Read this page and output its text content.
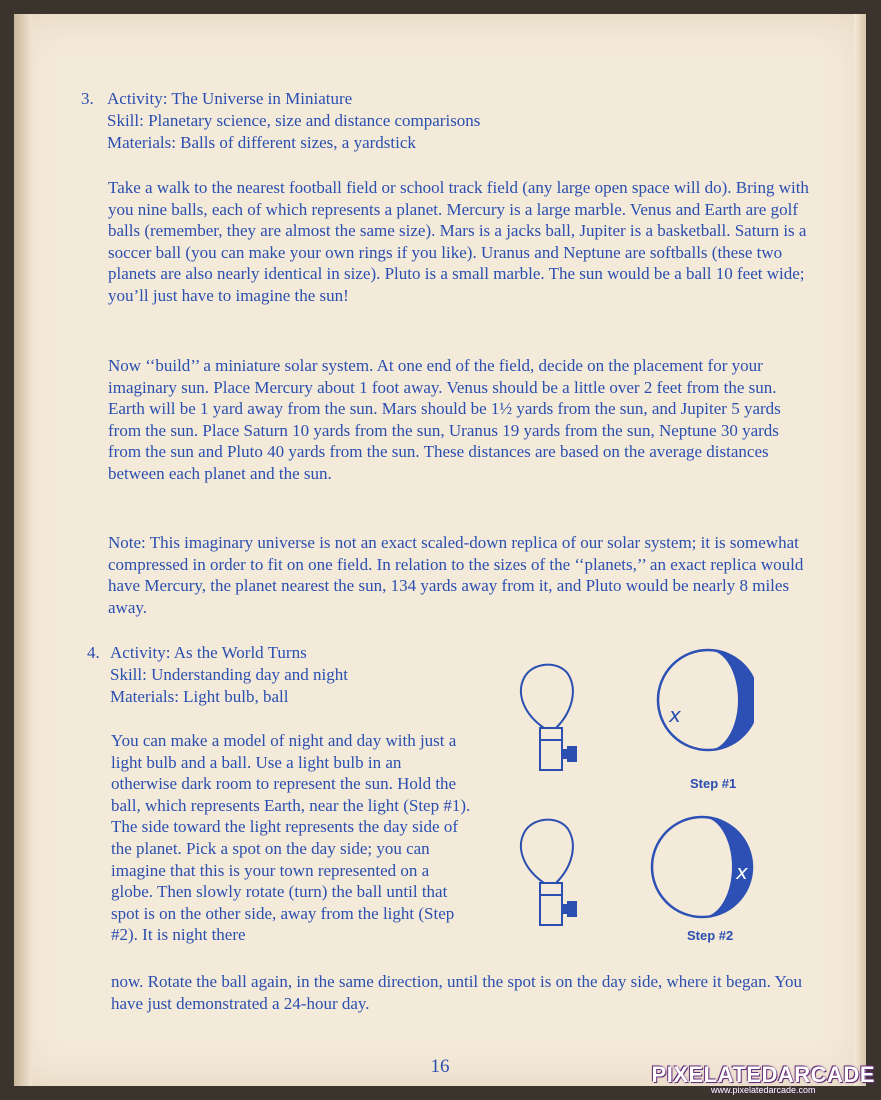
3. Activity: The Universe in Miniature

Skill: Planetary science, size and distance comparisons

Materials: Balls of different sizes, a yardstick

Take a walk to the nearest football field or school track field (any large open space will do). Bring with you nine balls, each of which represents a planet. Mercury is a large marble. Venus and Earth are golf balls (remember, they are almost the same size). Mars is a jacks ball, Jupiter is a basketball. Saturn is a soccer ball (you can make your own rings if you like). Uranus and Neptune are softballs (these two planets are also nearly identical in size). Pluto is a small marble. The sun would be a ball 10 feet wide; you’ll just have to imagine the sun!

Now ‘‘build’’ a miniature solar system. At one end of the field, decide on the placement for your imaginary sun. Place Mercury about 1 foot away. Venus should be a little over 2 feet from the sun. Earth will be 1 yard away from the sun. Mars should be 1½ yards from the sun, and Jupiter 5 yards from the sun. Place Saturn 10 yards from the sun, Uranus 19 yards from the sun, Neptune 30 yards from the sun and Pluto 40 yards from the sun. These distances are based on the average distances between each planet and the sun.

Note: This imaginary universe is not an exact scaled-down replica of our solar system; it is somewhat compressed in order to fit on one field. In relation to the sizes of the ‘‘planets,’’ an exact replica would have Mercury, the planet nearest the sun, 134 yards away from it, and Pluto would be nearly 8 miles away.

4. Activity: As the World Turns

Skill: Understanding day and night

Materials: Light bulb, ball

You can make a model of night and day with just a light bulb and a ball. Use a light bulb in an otherwise dark room to represent the sun. Hold the ball, which represents Earth, near the light (Step #1). The side toward the light represents the day side of the planet. Pick a spot on the day side; you can imagine that this is your town represented on a globe. Then slowly rotate (turn) the ball until that spot is on the other side, away from the light (Step #2). It is night there

now. Rotate the ball again, in the same direction, until the spot is on the day side, where it began. You have just demonstrated a 24-hour day.

x
Step #1
x
Step #2
16	PIXELATEDARCADE
www.pixelatedarcade.com
